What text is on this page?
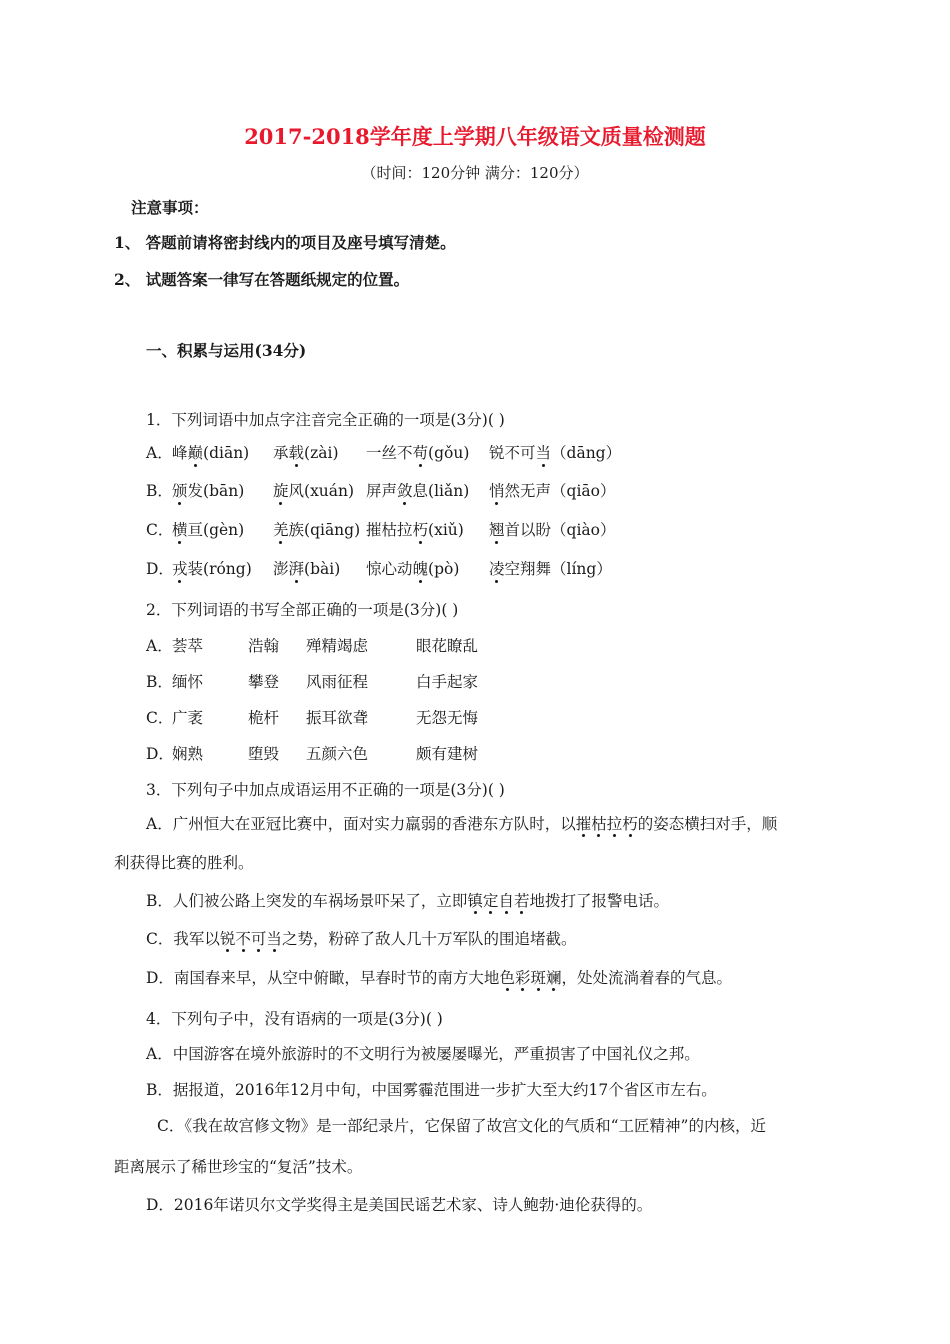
2017-2018学年度上学期八年级语文质量检测题
（时间：120分钟 满分：120分）
注意事项：
1、 答题前请将密封线内的项目及座号填写清楚。
2、 试题答案一律写在答题纸规定的位置。
一、积累与运用(34分)
1．下列词语中加点字注音完全正确的一项是(3分)( )
A． 峰巅(diān) 承载(zài) 一丝不苟(gǒu) 锐不可当（dāng）
B． 颁发(bān) 旋风(xuán) 屏声敛息(liǎn) 悄然无声（qiāo）
C．
横亘(gèn) 羌族(qiāng) 摧枯拉朽(xiǔ) 翘首以盼（qiào）
D．
戎装(róng) 澎湃(bài) 惊心动魄(pò) 凌空翔舞（líng）
2．下列词语的书写全部正确的一项是(3分)( )
A． 荟萃	浩翰 殚精竭虑	眼花瞭乱
B． 缅怀	攀登 风雨征程	白手起家
C．
广袤	桅杆 振耳欲聋	无怨无悔
D．
娴熟	堕毁 五颜六色	颇有建树
3．下列句子中加点成语运用不正确的一项是(3分)( )
A．广州恒大在亚冠比赛中，面对实力羸弱的香港东方队时，以摧枯拉朽的姿态横扫对手，顺
利获得比赛的胜利。
B．人们被公路上突发的车祸场景吓呆了，立即镇定自若地拨打了报警电话。
C．我军以锐不可当之势，粉碎了敌人几十万军队的围追堵截。
D．南国春来早，从空中俯瞰，早春时节的南方大地色彩斑斓，处处流淌着春的气息。
4．下列句子中，没有语病的一项是(3分)( )
A．中国游客在境外旅游时的不文明行为被屡屡曝光，严重损害了中国礼仪之邦。
B．据报道，2016年12月中旬，中国雾霾范围进一步扩大至大约17个省区市左右。
C．《我在故宫修文物》是一部纪录片，它保留了故宫文化的气质和“工匠精神”的内核，近
距离展示了稀世珍宝的“复活”技术。
D．2016年诺贝尔文学奖得主是美国民谣艺术家、诗人鲍勃·迪伦获得的。
